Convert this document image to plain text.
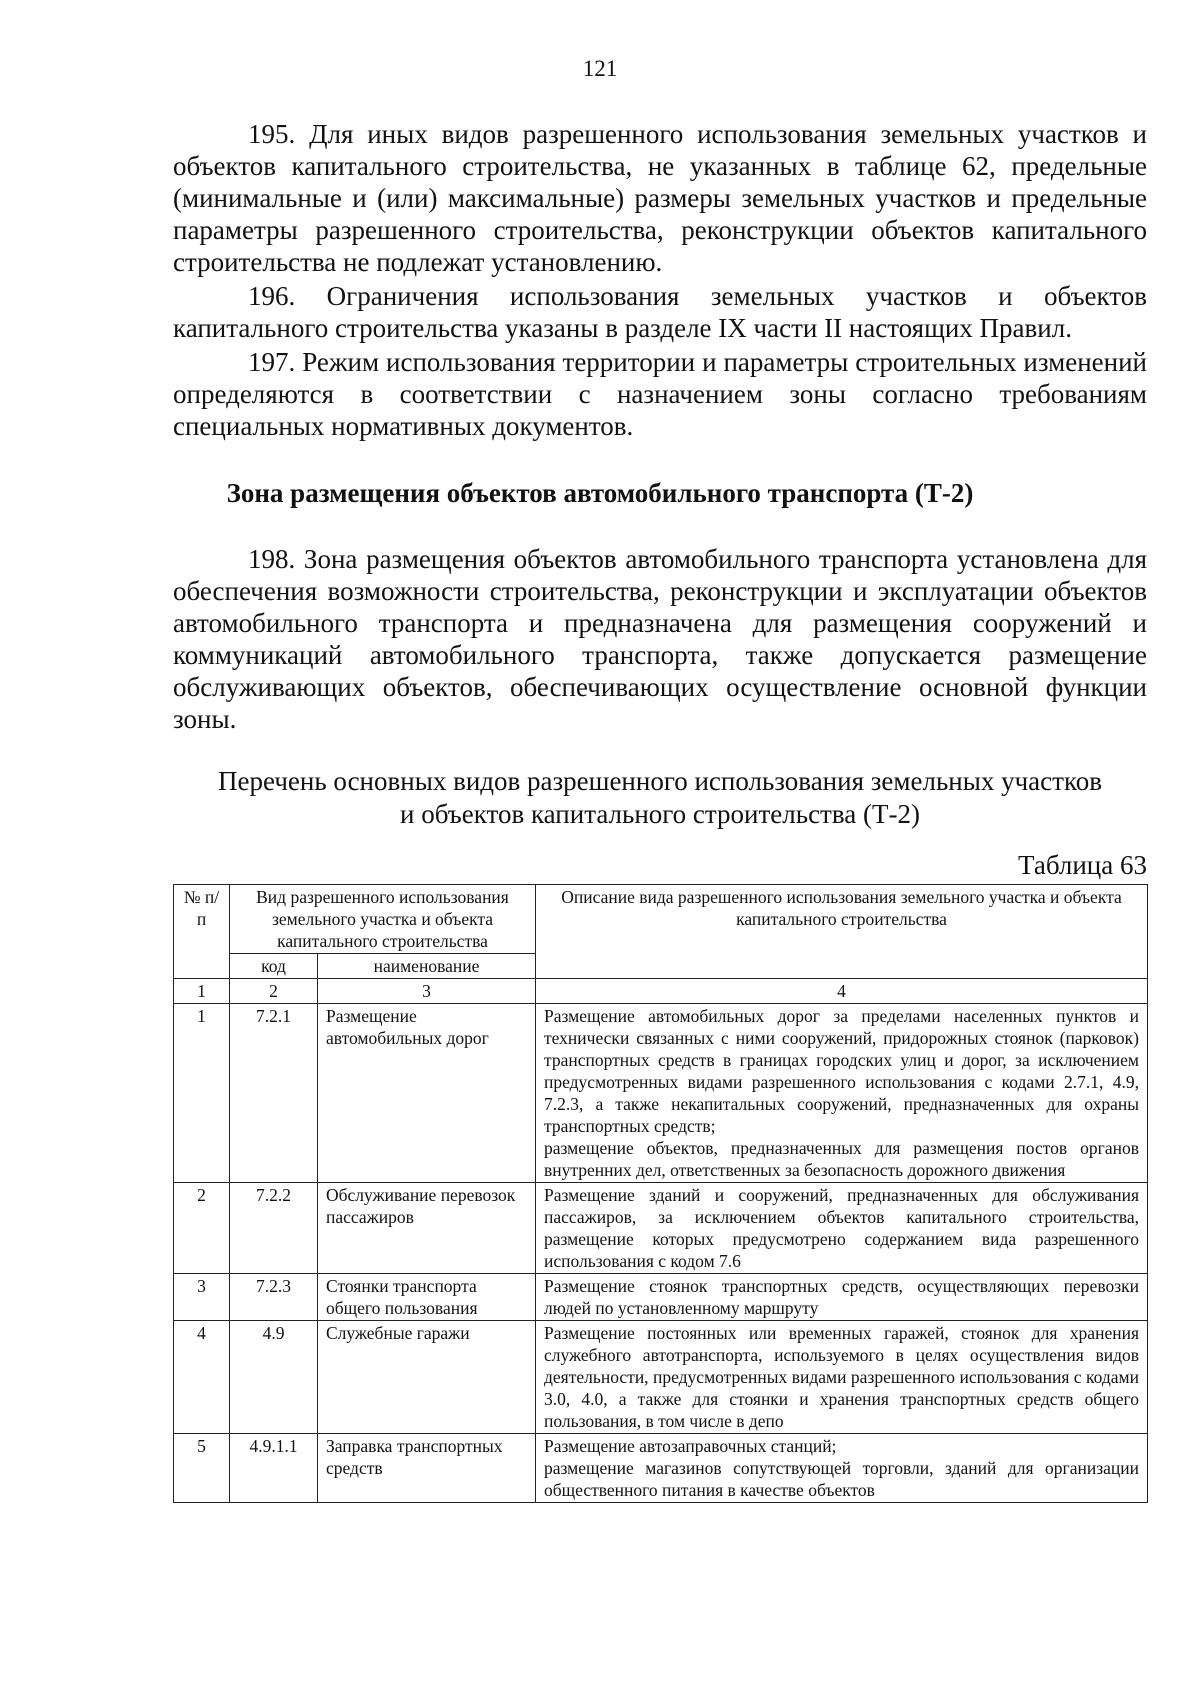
121

195. Для иных видов разрешенного использования земельных участков и объектов капитального строительства, не указанных в таблице 62, предельные (минимальные и (или) максимальные) размеры земельных участков и предельные параметры разрешенного строительства, реконструкции объектов капитального строительства не подлежат установлению.

196. Ограничения использования земельных участков и объектов капитального строительства указаны в разделе IX части II настоящих Правил.

197. Режим использования территории и параметры строительных изменений определяются в соответствии с назначением зоны согласно требованиям специальных нормативных документов.

Зона размещения объектов автомобильного транспорта (Т-2)

198. Зона размещения объектов автомобильного транспорта установлена для обеспечения возможности строительства, реконструкции и эксплуатации объектов автомобильного транспорта и предназначена для размещения сооружений и коммуникаций автомобильного транспорта, также допускается размещение обслуживающих объектов, обеспечивающих осуществление основной функции зоны.

Перечень основных видов разрешенного использования земельных участков
и объектов капитального строительства (Т-2)
Таблица 63
№ п/п	Вид разрешенного использования земельного участка и объекта капитального строительства		Описание вида разрешенного использования земельного участка и объекта капитального строительства
	код	наименование	
1	2	3	4
1	7.2.1	Размещение автомобильных дорог	Размещение автомобильных дорог за пределами населенных пунктов и технически связанных с ними сооружений, придорожных стоянок (парковок) транспортных средств в границах городских улиц и дорог, за исключением предусмотренных видами разрешенного использования с кодами 2.7.1, 4.9, 7.2.3, а также некапитальных сооружений, предназначенных для охраны транспортных средств;
размещение объектов, предназначенных для размещения постов органов внутренних дел, ответственных за безопасность дорожного движения

2	7.2.2	Обслуживание перевозок пассажиров	Размещение зданий и сооружений, предназначенных для обслуживания пассажиров, за исключением объектов капитального строительства, размещение которых предусмотрено содержанием вида разрешенного использования с кодом 7.6

3	7.2.3	Стоянки транспорта общего пользования	Размещение стоянок транспортных средств, осуществляющих перевозки людей по установленному маршруту

4	4.9	Служебные гаражи	Размещение постоянных или временных гаражей, стоянок для хранения служебного автотранспорта, используемого в целях осуществления видов деятельности, предусмотренных видами разрешенного использования с кодами 3.0, 4.0, а также для стоянки и хранения транспортных средств общего пользования, в том числе в депо

5	4.9.1.1	Заправка транспортных средств	Размещение автозаправочных станций;
размещение магазинов сопутствующей торговли, зданий для организации общественного питания в качестве объектов
